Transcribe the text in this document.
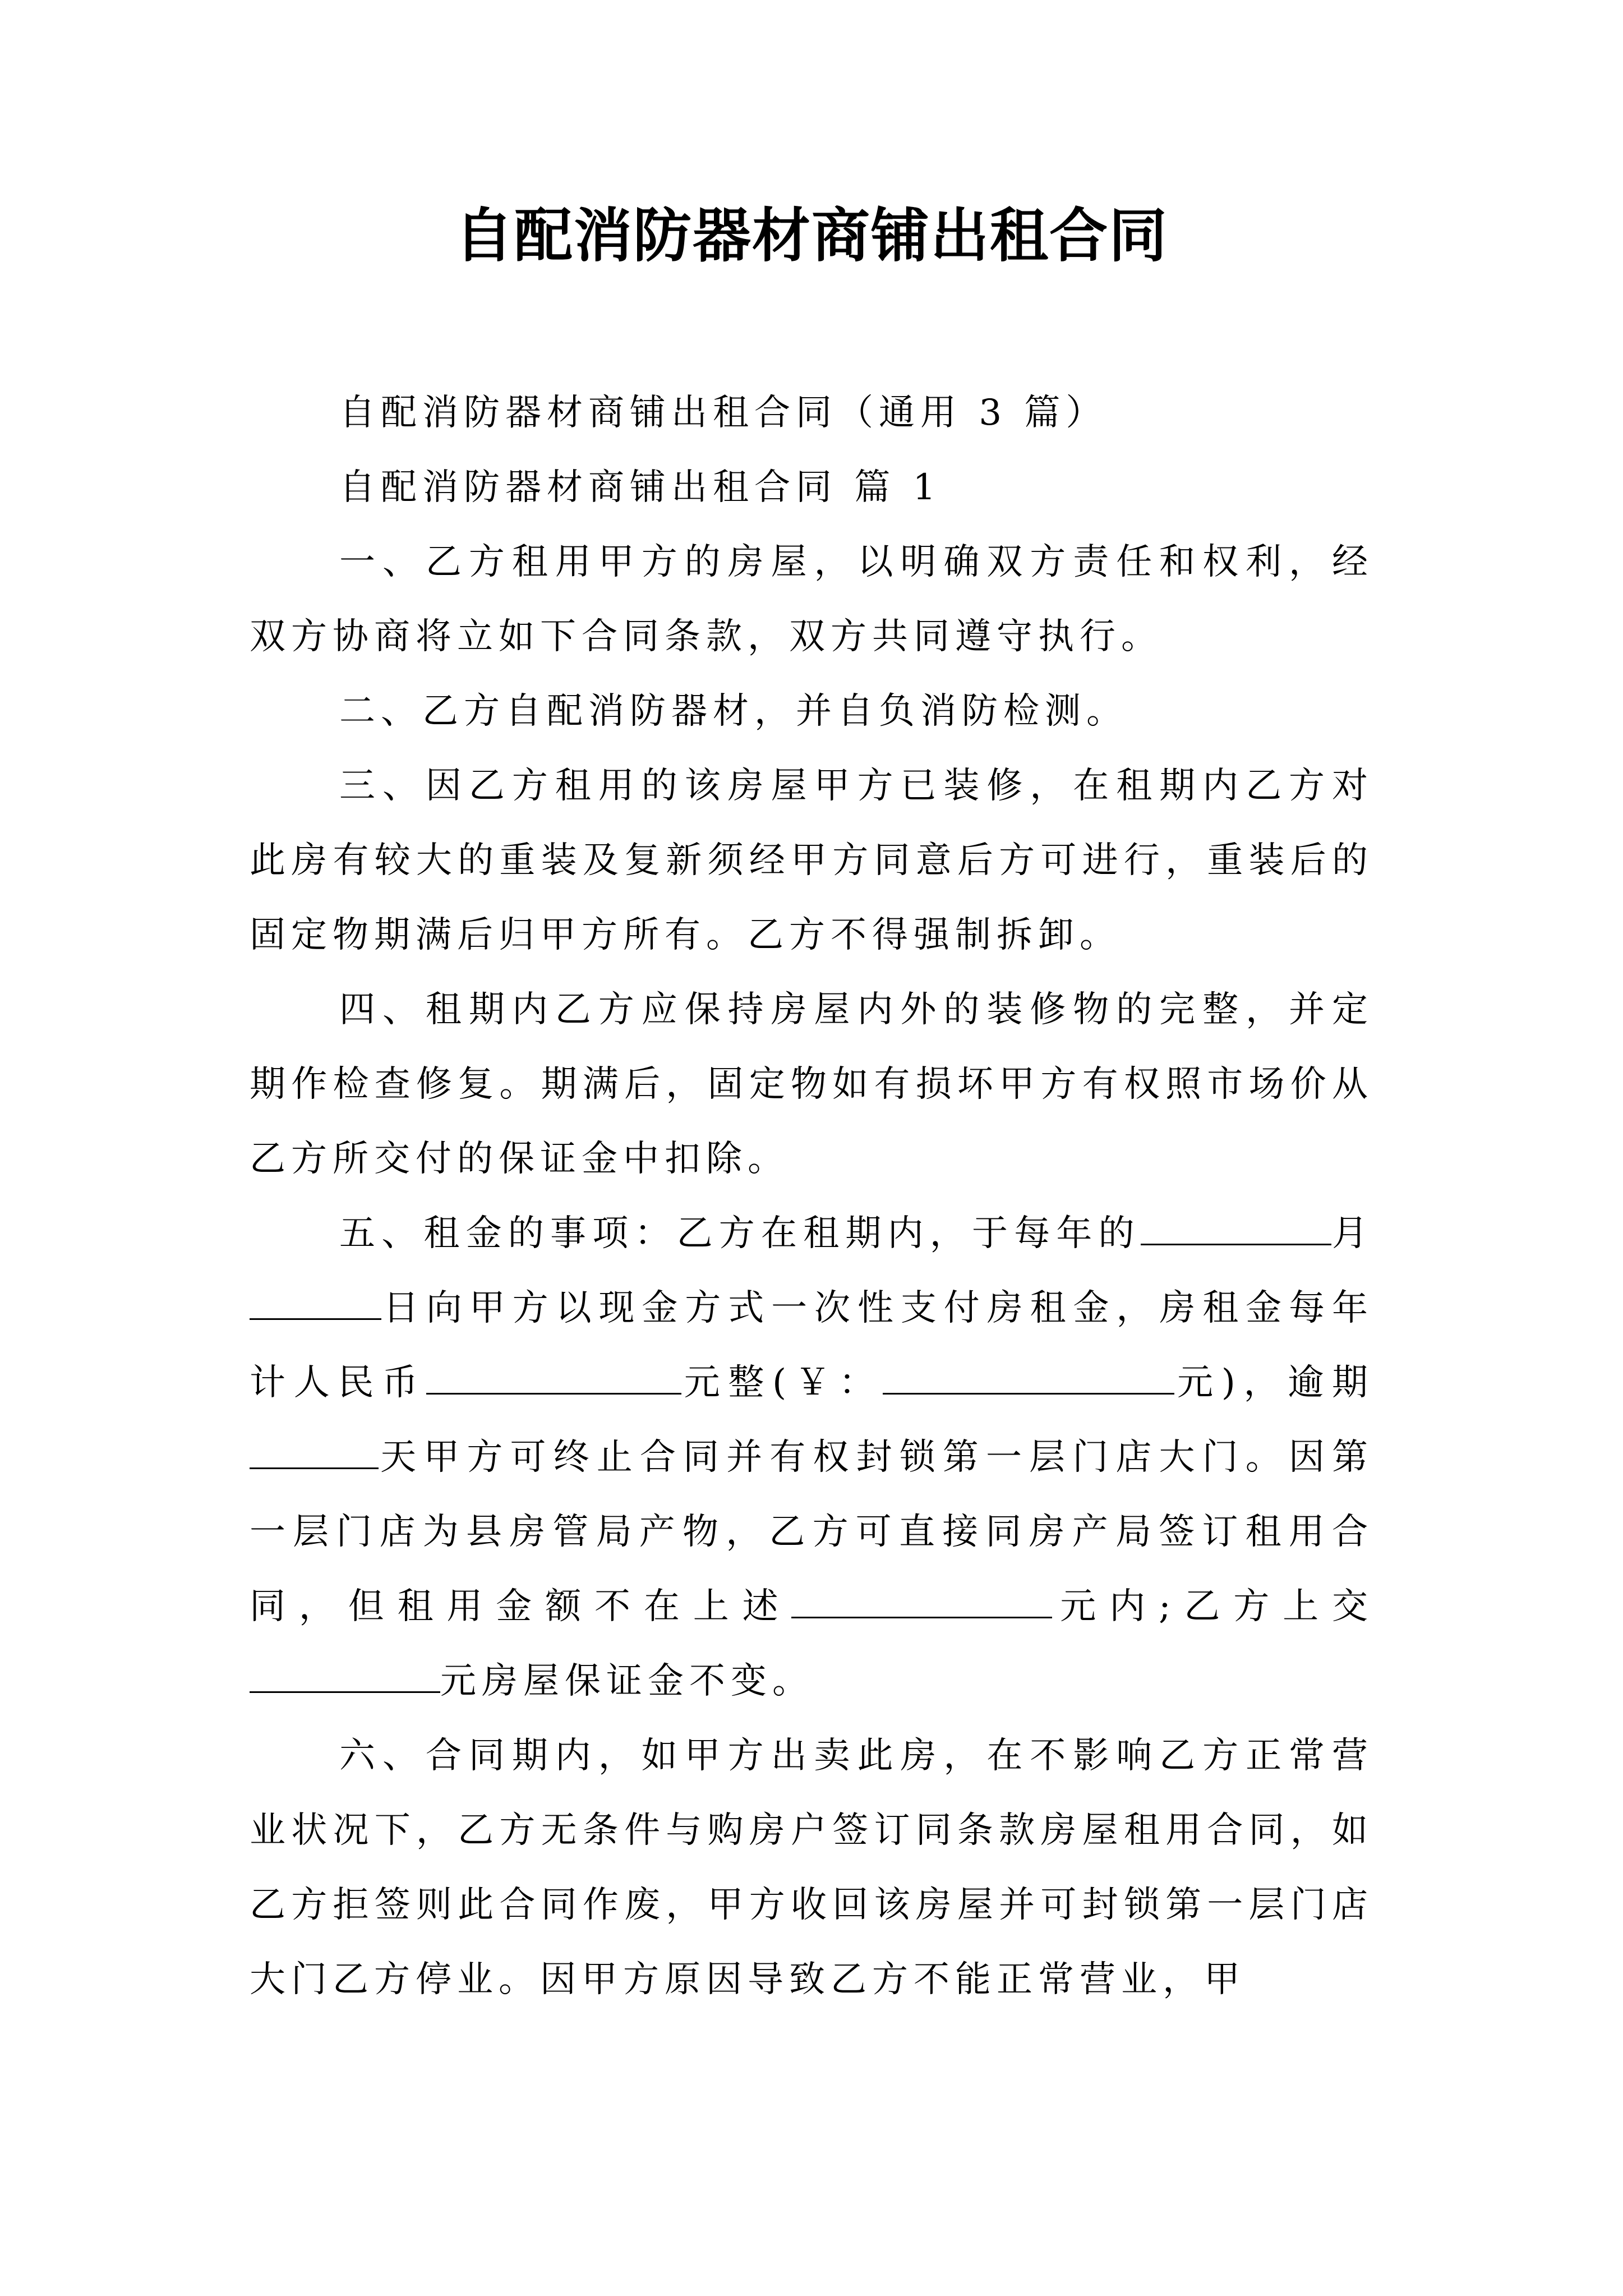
自配消防器材商铺出租合同

自配消防器材商铺出租合同（通用 3 篇）

自配消防器材商铺出租合同 篇 1

一、乙方租用甲方的房屋，以明确双方责任和权利，经双方协商将立如下合同条款，双方共同遵守执行。

二、乙方自配消防器材，并自负消防检测。

三、因乙方租用的该房屋甲方已装修，在租期内乙方对此房有较大的重装及复新须经甲方同意后方可进行，重装后的固定物期满后归甲方所有。乙方不得强制拆卸。

四、租期内乙方应保持房屋内外的装修物的完整，并定期作检查修复。期满后，固定物如有损坏甲方有权照市场价从乙方所交付的保证金中扣除。

五、租金的事项：乙方在租期内，于每年的	月日向甲方以现金方式一次性支付房租金，房租金每年计人民币	元整(￥：	元)，逾期天甲方可终止合同并有权封锁第一层门店大门。因第一层门店为县房管局产物，乙方可直接同房产局签订租用合同，但租用金额不在上述	元内;乙方上交元房屋保证金不变。

六、合同期内，如甲方出卖此房，在不影响乙方正常营业状况下，乙方无条件与购房户签订同条款房屋租用合同，如乙方拒签则此合同作废，甲方收回该房屋并可封锁第一层门店大门乙方停业。因甲方原因导致乙方不能正常营业，甲
